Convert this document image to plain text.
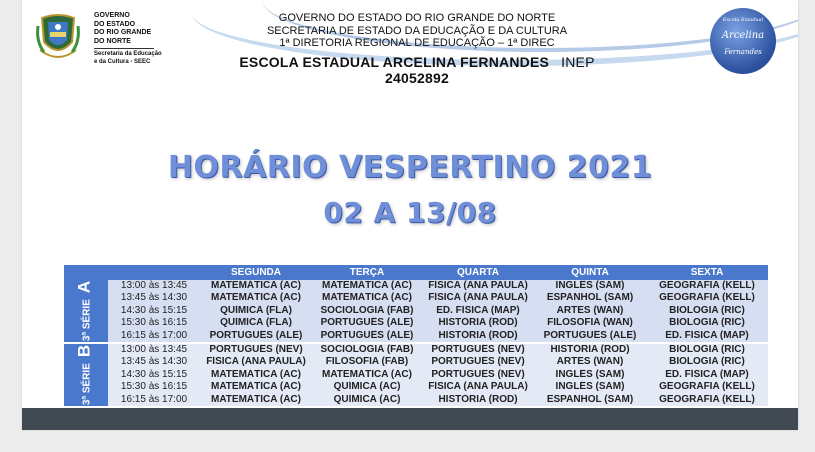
GOVERNO
DO ESTADO
DO RIO GRANDE
DO NORTE
Secretaria da Educação
e da Cultura - SEEC
GOVERNO DO ESTADO DO RIO GRANDE DO NORTE
SECRETARIA DE ESTADO DA EDUCAÇÃO E DA CULTURA
1ª DIRETORIA REGIONAL DE EDUCAÇÃO – 1ª DIREC
ESCOLA ESTADUAL ARCELINA FERNANDES INEP 24052892
Escola Estadual
Arcelina
Fernandes
HORÁRIO VESPERTINO 2021
02 A 13/08
		SEGUNDA	TERÇA	QUARTA	QUINTA	SEXTA

3ª SÉRIE
A	13:00 às 13:45	MATEMÁTICA (AC)	MATEMÁTICA (AC)	FÍSICA (ANA PAULA)	INGLÊS (SAM)	GEOGRAFIA (KELL)
	13:45 às 14:30	MATEMÁTICA (AC)	MATEMÁTICA (AC)	FÍSICA (ANA PAULA)	ESPANHOL (SAM)	GEOGRAFIA (KELL)
	14:30 às 15:15	QUÍMICA (FLA)	SOCIOLOGIA (FAB)	ED. FÍSICA (MAP)	ARTES (WAN)	BIOLOGIA (RIC)
	15:30 às 16:15	QUÍMICA (FLA)	PORTUGUÊS (ALE)	HISTÓRIA (ROD)	FILOSOFIA (WAN)	BIOLOGIA (RIC)
	16:15 às 17:00	PORTUGUÊS (ALE)	PORTUGUÊS (ALE)	HISTÓRIA (ROD)	PORTUGUÊS (ALE)	ED. FÍSICA (MAP)

3ª SÉRIE
B	13:00 às 13:45	PORTUGUÊS (NEV)	SOCIOLOGIA (FAB)	PORTUGUÊS (NEV)	HISTÓRIA (ROD)	BIOLOGIA (RIC)
	13:45 às 14:30	FÍSICA (ANA PAULA)	FILOSOFIA (FAB)	PORTUGUÊS (NEV)	ARTES (WAN)	BIOLOGIA (RIC)
	14:30 às 15:15	MATEMÁTICA (AC)	MATEMÁTICA (AC)	PORTUGUÊS (NEV)	INGLÊS (SAM)	ED. FÍSICA (MAP)
	15:30 às 16:15	MATEMÁTICA (AC)	QUÍMICA (AC)	FÍSICA (ANA PAULA)	INGLÊS (SAM)	GEOGRAFIA (KELL)
	16:15 às 17:00	MATEMÁTICA (AC)	QUÍMICA (AC)	HISTÓRIA (ROD)	ESPANHOL (SAM)	GEOGRAFIA (KELL)
